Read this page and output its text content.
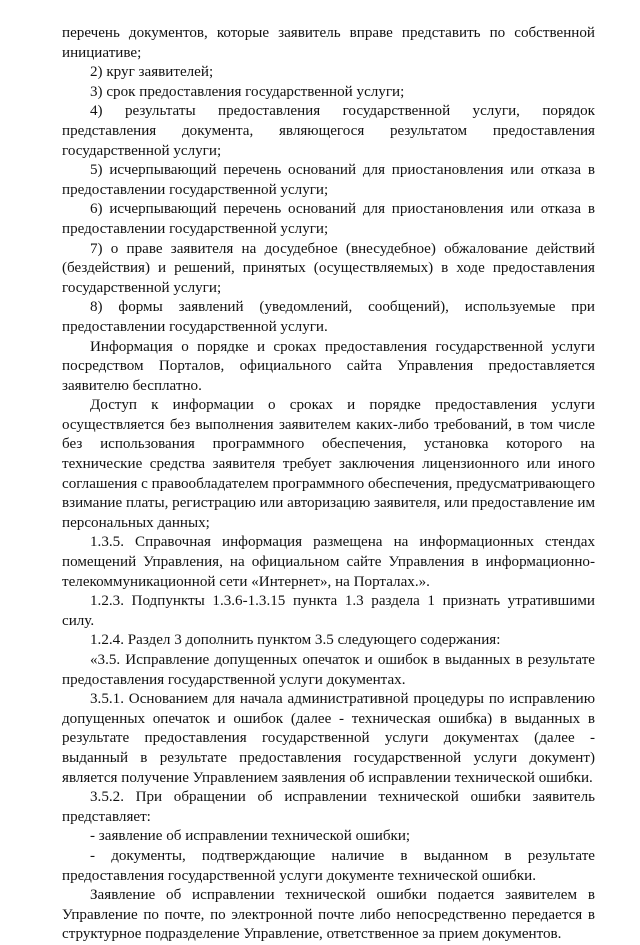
перечень документов, которые заявитель вправе представить по собственной инициативе;

2) круг заявителей;

3) срок предоставления государственной услуги;

4) результаты предоставления государственной услуги, порядок представления документа, являющегося результатом предоставления государственной услуги;

5) исчерпывающий перечень оснований для приостановления или отказа в предоставлении государственной услуги;

6) исчерпывающий перечень оснований для приостановления или отказа в предоставлении государственной услуги;

7) о праве заявителя на досудебное (внесудебное) обжалование действий (бездействия) и решений, принятых (осуществляемых) в ходе предоставления государственной услуги;

8) формы заявлений (уведомлений, сообщений), используемые при предоставлении государственной услуги.

Информация о порядке и сроках предоставления государственной услуги посредством Порталов, официального сайта Управления предоставляется заявителю бесплатно.

Доступ к информации о сроках и порядке предоставления услуги осуществляется без выполнения заявителем каких-либо требований, в том числе без использования программного обеспечения, установка которого на технические средства заявителя требует заключения лицензионного или иного соглашения с правообладателем программного обеспечения, предусматривающего взимание платы, регистрацию или авторизацию заявителя, или предоставление им персональных данных;

1.3.5. Справочная информация размещена на информационных стендах помещений Управления, на официальном сайте Управления в информационно-телекоммуникационной сети «Интернет», на Порталах.».

1.2.3. Подпункты 1.3.6-1.3.15 пункта 1.3 раздела 1 признать утратившими силу.

1.2.4. Раздел 3 дополнить пунктом 3.5 следующего содержания:

«3.5. Исправление допущенных опечаток и ошибок в выданных в результате предоставления государственной услуги документах.

3.5.1. Основанием для начала административной процедуры по исправлению допущенных опечаток и ошибок (далее - техническая ошибка) в выданных в результате предоставления государственной услуги документах (далее - выданный в результате предоставления государственной услуги документ) является получение Управлением заявления об исправлении технической ошибки.

3.5.2. При обращении об исправлении технической ошибки заявитель представляет:

- заявление об исправлении технической ошибки;

- документы, подтверждающие наличие в выданном в результате предоставления государственной услуги документе технической ошибки.

Заявление об исправлении технической ошибки подается заявителем в Управление по почте, по электронной почте либо непосредственно передается в структурное подразделение Управление, ответственное за прием документов.
